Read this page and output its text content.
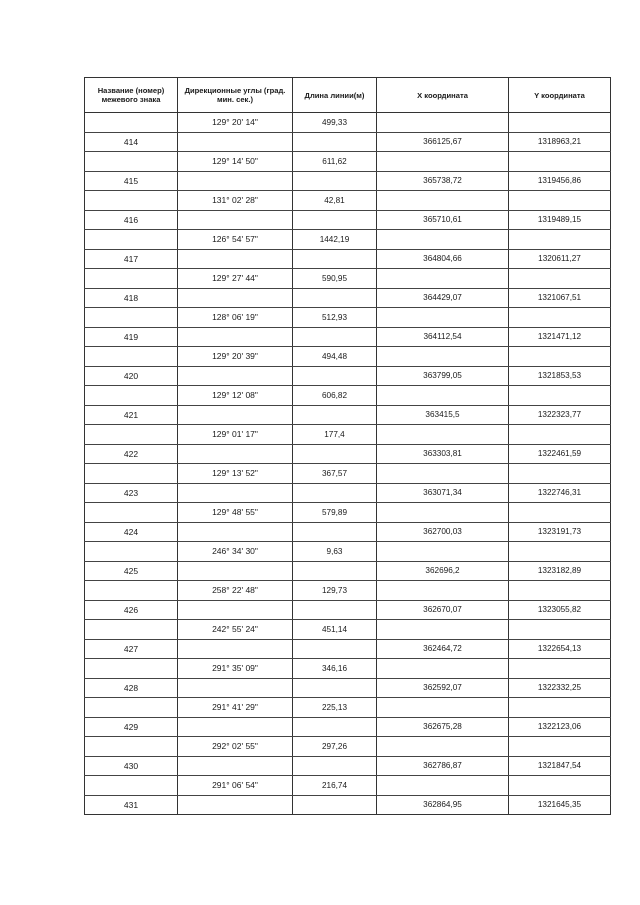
Название (номер) межевого знака	Дирекционные углы (град. мин. сек.)	Длина линии(м)	X координата	Y координата
	129° 20' 14"	499,33		
414			366125,67	1318963,21
	129° 14' 50"	611,62		
415			365738,72	1319456,86
	131° 02' 28"	42,81		
416			365710,61	1319489,15
	126° 54' 57"	1442,19		
417			364804,66	1320611,27
	129° 27' 44"	590,95		
418			364429,07	1321067,51
	128° 06' 19"	512,93		
419			364112,54	1321471,12
	129° 20' 39"	494,48		
420			363799,05	1321853,53
	129° 12' 08"	606,82		
421			363415,5	1322323,77
	129° 01' 17"	177,4		
422			363303,81	1322461,59
	129° 13' 52"	367,57		
423			363071,34	1322746,31
	129° 48' 55"	579,89		
424			362700,03	1323191,73
	246° 34' 30"	9,63		
425			362696,2	1323182,89
	258° 22' 48"	129,73		
426			362670,07	1323055,82
	242° 55' 24"	451,14		
427			362464,72	1322654,13
	291° 35' 09"	346,16		
428			362592,07	1322332,25
	291° 41' 29"	225,13		
429			362675,28	1322123,06
	292° 02' 55"	297,26		
430			362786,87	1321847,54
	291° 06' 54"	216,74		
431			362864,95	1321645,35
